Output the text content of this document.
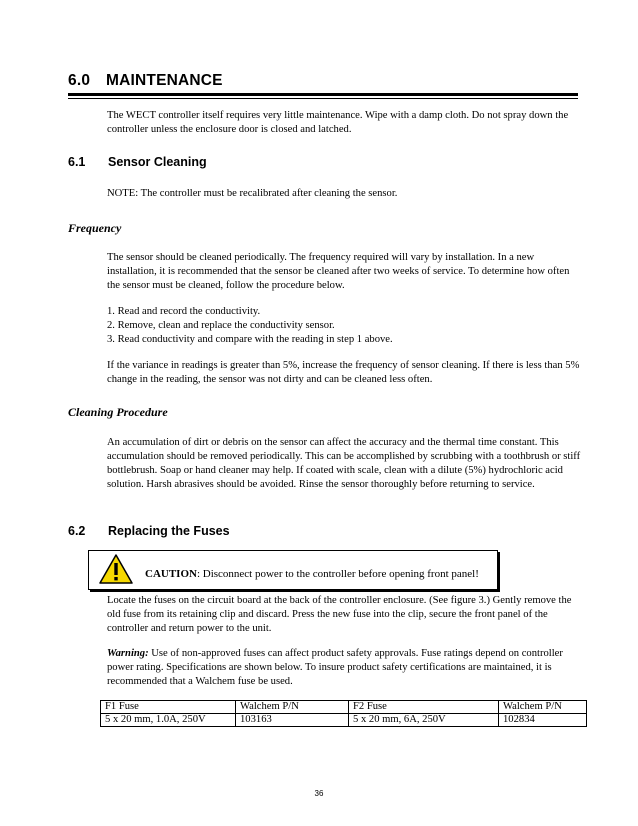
6.0 MAINTENANCE
The WECT controller itself requires very little maintenance. Wipe with a damp cloth. Do not spray down the controller unless the enclosure door is closed and latched.
6.1 Sensor Cleaning
NOTE: The controller must be recalibrated after cleaning the sensor.
Frequency
The sensor should be cleaned periodically. The frequency required will vary by installation. In a new installation, it is recommended that the sensor be cleaned after two weeks of service. To determine how often the sensor must be cleaned, follow the procedure below.
1. Read and record the conductivity.
2. Remove, clean and replace the conductivity sensor.
3. Read conductivity and compare with the reading in step 1 above.
If the variance in readings is greater than 5%, increase the frequency of sensor cleaning. If there is less than 5% change in the reading, the sensor was not dirty and can be cleaned less often.
Cleaning Procedure
An accumulation of dirt or debris on the sensor can affect the accuracy and the thermal time constant. This accumulation should be removed periodically. This can be accomplished by scrubbing with a toothbrush or stiff bottlebrush. Soap or hand cleaner may help. If coated with scale, clean with a dilute (5%) hydrochloric acid solution. Harsh abrasives should be avoided. Rinse the sensor thoroughly before returning to service.
6.2 Replacing the Fuses
CAUTION: Disconnect power to the controller before opening front panel!
Locate the fuses on the circuit board at the back of the controller enclosure. (See figure 3.) Gently remove the old fuse from its retaining clip and discard. Press the new fuse into the clip, secure the front panel of the controller and return power to the unit.
Warning: Use of non-approved fuses can affect product safety approvals. Fuse ratings depend on controller power rating. Specifications are shown below. To insure product safety certifications are maintained, it is recommended that a Walchem fuse be used.
F1 Fuse	Walchem P/N	F2 Fuse	Walchem P/N
5 x 20 mm, 1.0A, 250V	103163	5 x 20 mm, 6A, 250V	102834
36
